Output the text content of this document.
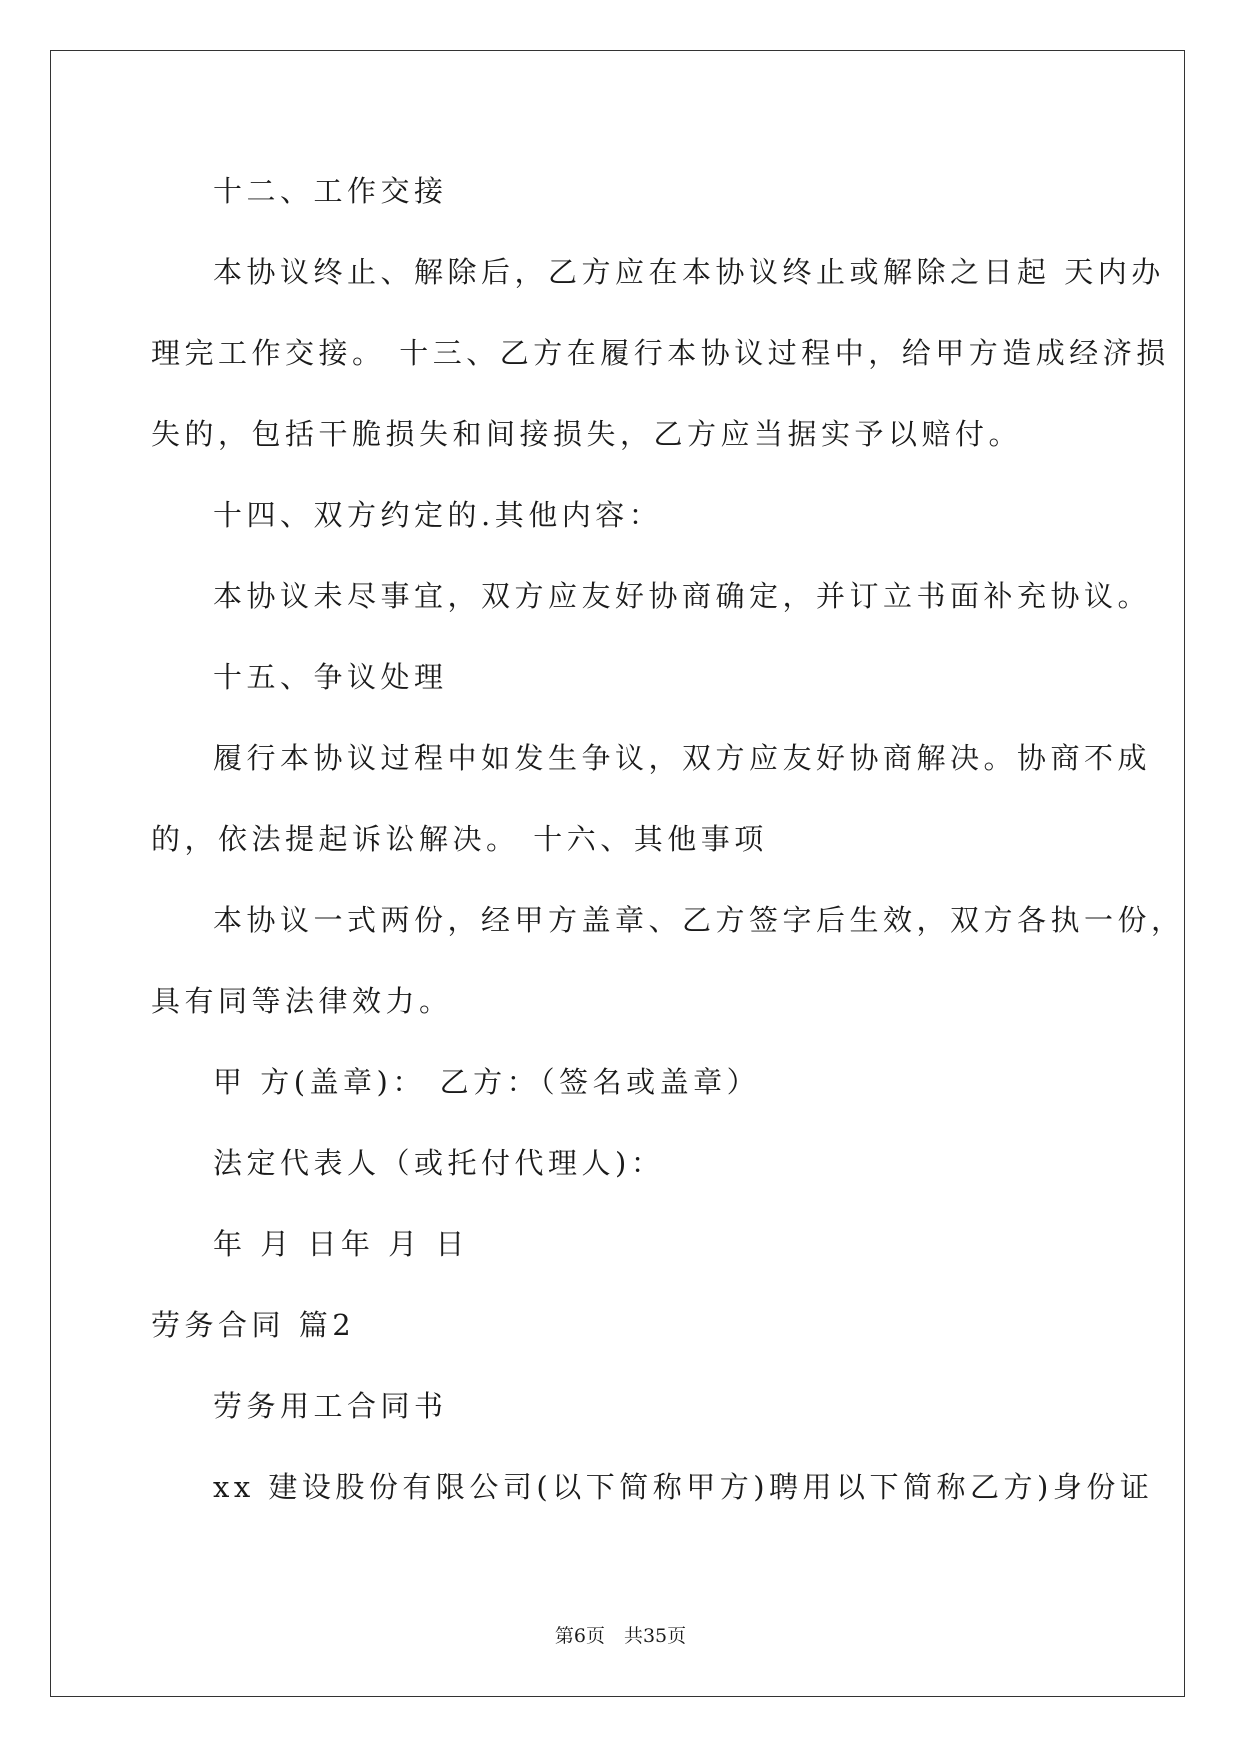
十二、工作交接
本协议终止、解除后，乙方应在本协议终止或解除之日起 天内办
理完工作交接。 十三、乙方在履行本协议过程中，给甲方造成经济损
失的，包括干脆损失和间接损失，乙方应当据实予以赔付。
十四、双方约定的.其他内容：
本协议未尽事宜，双方应友好协商确定，并订立书面补充协议。
十五、争议处理
履行本协议过程中如发生争议，双方应友好协商解决。协商不成
的，依法提起诉讼解决。 十六、其他事项
本协议一式两份，经甲方盖章、乙方签字后生效，双方各执一份，
具有同等法律效力。
甲 方(盖章)： 乙方：（签名或盖章）
法定代表人（或托付代理人)：
年 月 日年 月 日
劳务合同 篇2
劳务用工合同书
xx 建设股份有限公司(以下简称甲方)聘用以下简称乙方)身份证
第6页　共35页
